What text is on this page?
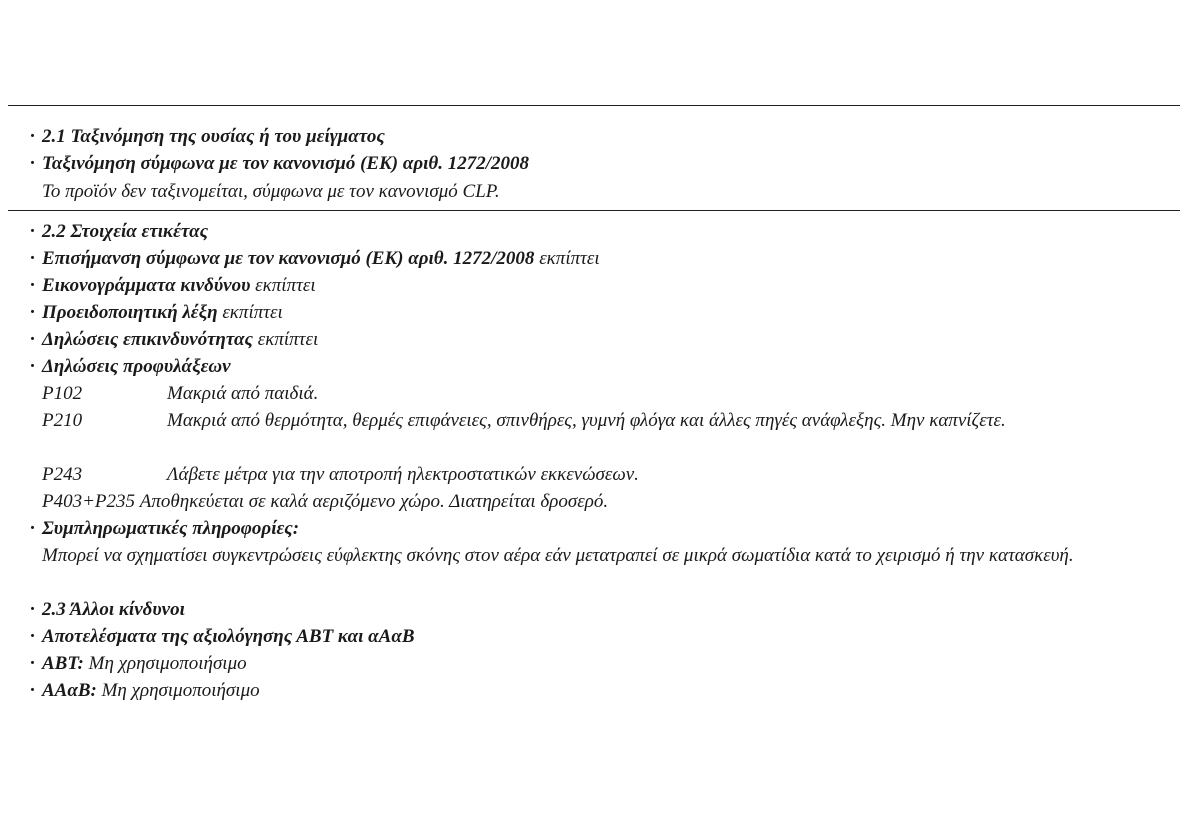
· 2.1 Ταξινόμηση της ουσίας ή του μείγματος
· Ταξινόμηση σύμφωνα με τον κανονισμό (ΕΚ) αριθ. 1272/2008
Το προϊόν δεν ταξινομείται, σύμφωνα με τον κανονισμό CLP.
· 2.2 Στοιχεία ετικέτας
· Επισήμανση σύμφωνα με τον κανονισμό (ΕΚ) αριθ. 1272/2008 εκπίπτει
· Εικονογράμματα κινδύνου εκπίπτει
· Προειδοποιητική λέξη εκπίπτει
· Δηλώσεις επικινδυνότητας εκπίπτει
· Δηλώσεις προφυλάξεων
P102	Μακριά από παιδιά.
P210	Μακριά από θερμότητα, θερμές επιφάνειες, σπινθήρες, γυμνή φλόγα και άλλες πηγές ανάφλεξης. Μην καπνίζετε.
P243	Λάβετε μέτρα για την αποτροπή ηλεκτροστατικών εκκενώσεων.
P403+P235 Αποθηκεύεται σε καλά αεριζόμενο χώρο. Διατηρείται δροσερό.
· Συμπληρωματικές πληροφορίες:
Μπορεί να σχηματίσει συγκεντρώσεις εύφλεκτης σκόνης στον αέρα εάν μετατραπεί σε μικρά σωματίδια κατά το χειρισμό ή την κατασκευή.
· 2.3 Άλλοι κίνδυνοι
· Αποτελέσματα της αξιολόγησης ΑΒΤ και αΑαΒ
· ΑΒΤ: Μη χρησιμοποιήσιμο
· ΑΑαΒ: Μη χρησιμοποιήσιμο
